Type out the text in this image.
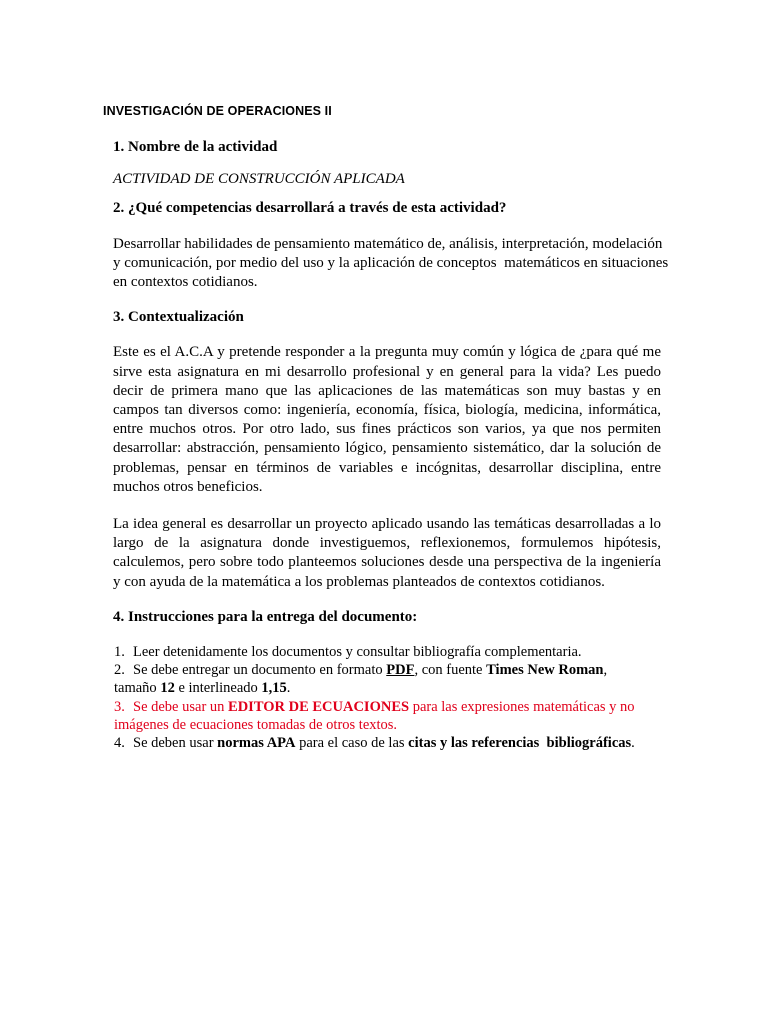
INVESTIGACIÓN DE OPERACIONES II

1. Nombre de la actividad

ACTIVIDAD DE CONSTRUCCIÓN APLICADA

2. ¿Qué competencias desarrollará a través de esta actividad?

Desarrollar habilidades de pensamiento matemático de, análisis, interpretación, modelación

y comunicación, por medio del uso y la aplicación de conceptos  matemáticos en situaciones

en contextos cotidianos.

3. Contextualización

Este es el A.C.A y pretende responder a la pregunta muy común y lógica de ¿para qué me sirve esta asignatura en mi desarrollo profesional y en general para la vida? Les puedo decir de primera mano que las aplicaciones de las matemáticas son muy bastas y en campos tan diversos como: ingeniería, economía, física, biología, medicina, informática, entre muchos otros. Por otro lado, sus fines prácticos son varios, ya que nos permiten desarrollar: abstracción, pensamiento lógico, pensamiento sistemático, dar la solución de problemas, pensar en términos de variables e incógnitas, desarrollar disciplina, entre muchos otros beneficios.

La idea general es desarrollar un proyecto aplicado usando las temáticas desarrolladas a lo largo de la asignatura donde investiguemos, reflexionemos, formulemos hipótesis, calculemos, pero sobre todo planteemos soluciones desde una perspectiva de la ingeniería y con ayuda de la matemática a los problemas planteados de contextos cotidianos.

4. Instrucciones para la entrega del documento:

1. Leer detenidamente los documentos y consultar bibliografía complementaria.

2. Se debe entregar un documento en formato PDF, con fuente Times New Roman,
tamaño 12 e interlineado 1,15.

3. Se debe usar un EDITOR DE ECUACIONES para las expresiones matemáticas y no
imágenes de ecuaciones tomadas de otros textos.

4. Se deben usar normas APA para el caso de las citas y las referencias  bibliográficas.
